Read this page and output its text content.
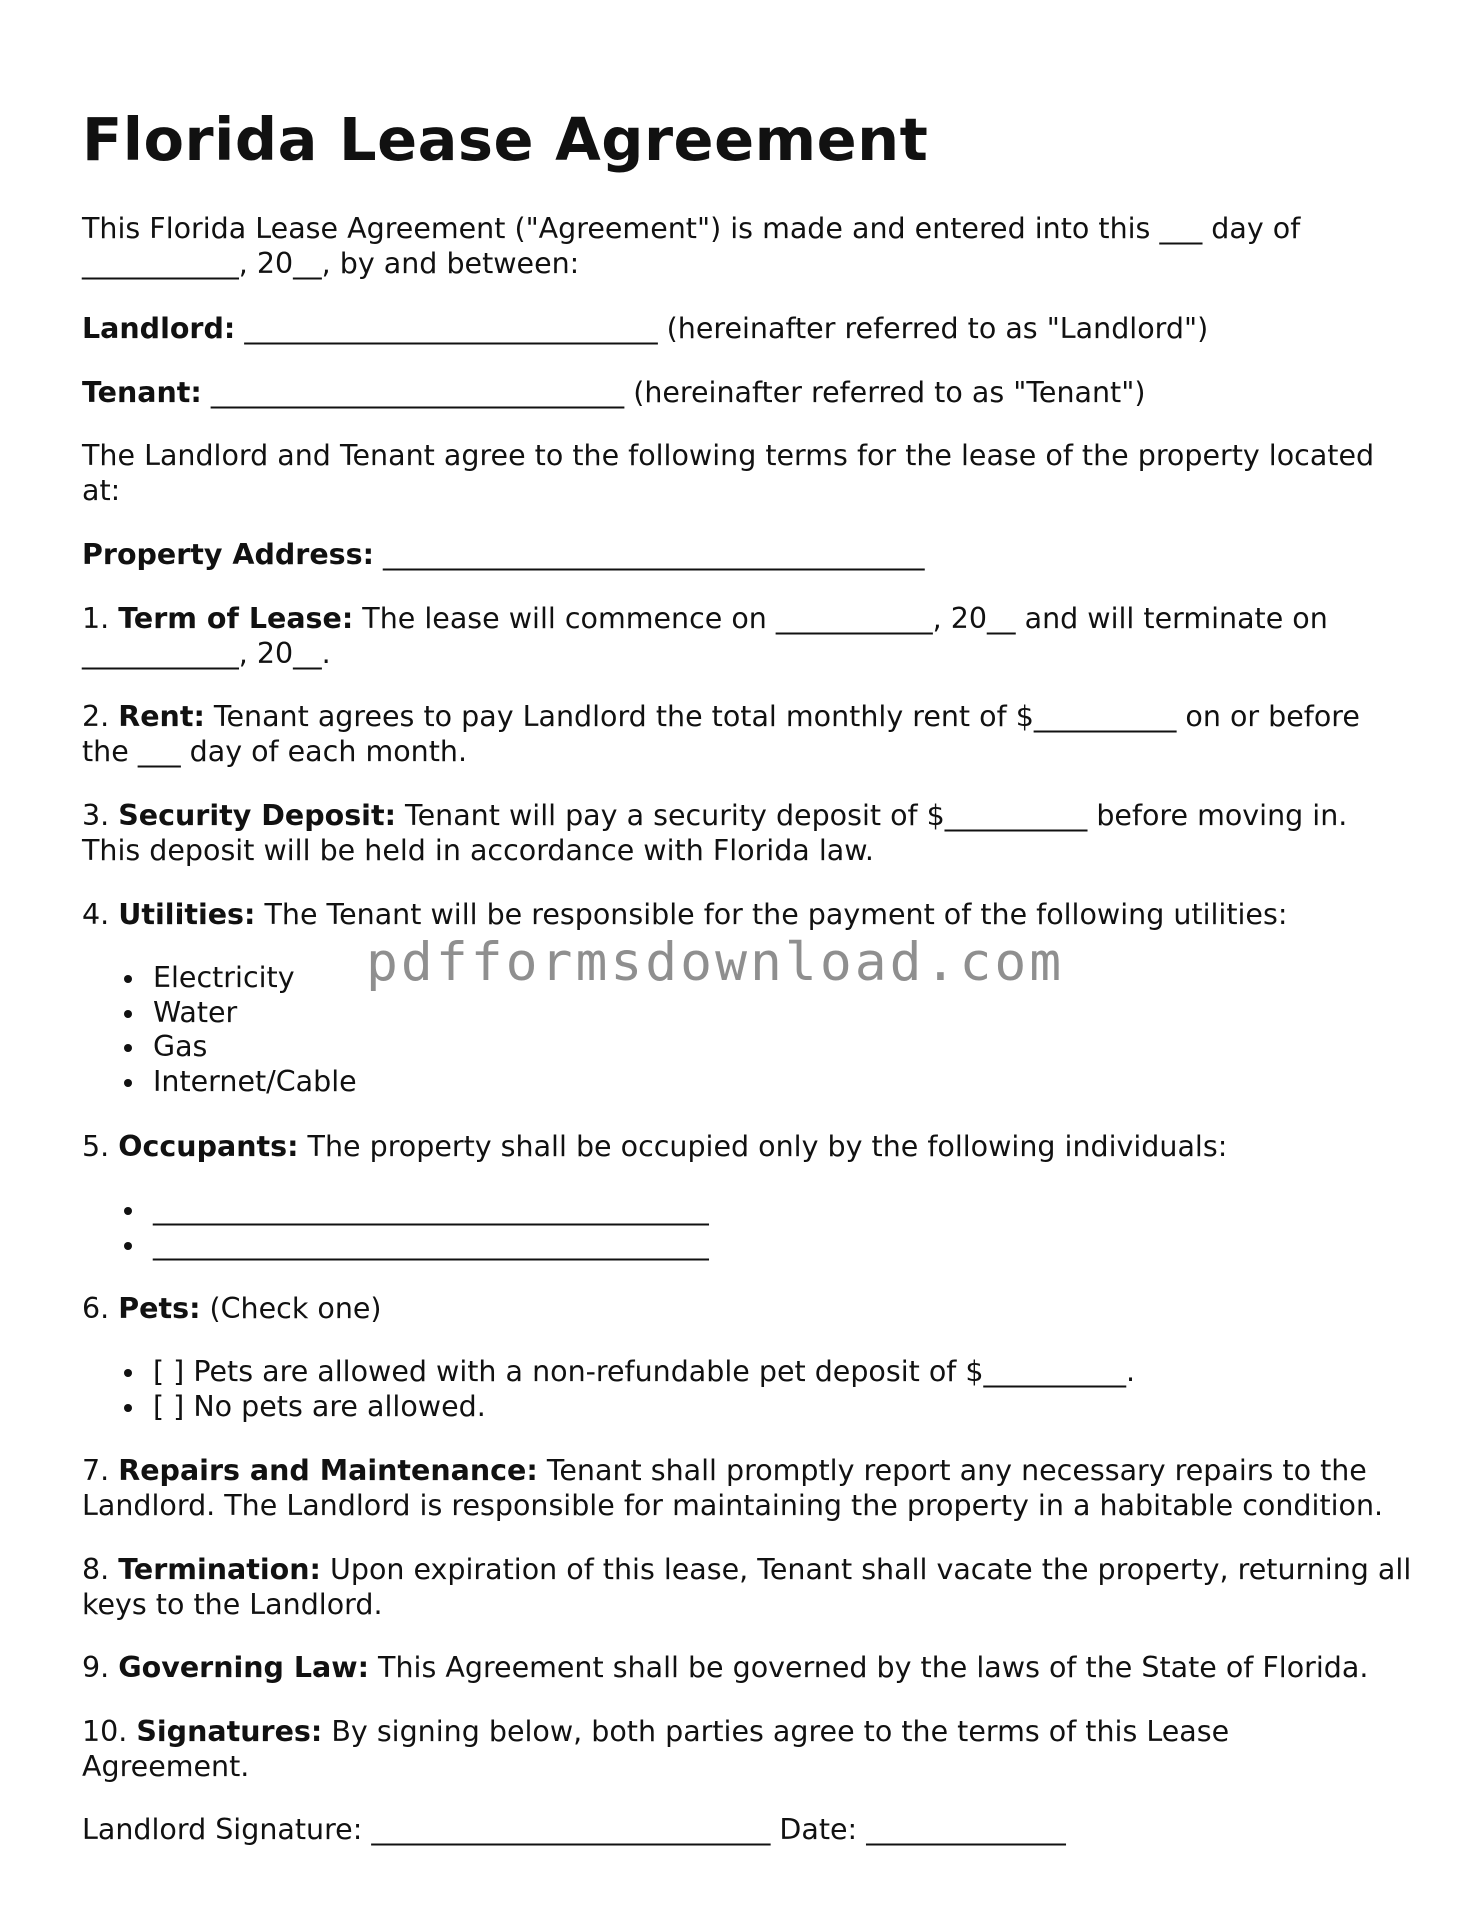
Florida Lease Agreement

This Florida Lease Agreement ("Agreement") is made and entered into this ___ day of ___________, 20__, by and between:

Landlord: _____________________________ (hereinafter referred to as "Landlord")

Tenant: _____________________________ (hereinafter referred to as "Tenant")

The Landlord and Tenant agree to the following terms for the lease of the property located at:

Property Address: ______________________________________

1. Term of Lease: The lease will commence on ___________, 20__ and will terminate on ___________, 20__.

2. Rent: Tenant agrees to pay Landlord the total monthly rent of $__________ on or before the ___ day of each month.

3. Security Deposit: Tenant will pay a security deposit of $__________ before moving in. This deposit will be held in accordance with Florida law.

4. Utilities: The Tenant will be responsible for the payment of the following utilities:

Electricity
Water
Gas
Internet/Cable

5. Occupants: The property shall be occupied only by the following individuals:

_______________________________________
_______________________________________

6. Pets: (Check one)

[ ] Pets are allowed with a non-refundable pet deposit of $__________.
[ ] No pets are allowed.

7. Repairs and Maintenance: Tenant shall promptly report any necessary repairs to the Landlord. The Landlord is responsible for maintaining the property in a habitable condition.

8. Termination: Upon expiration of this lease, Tenant shall vacate the property, returning all keys to the Landlord.

9. Governing Law: This Agreement shall be governed by the laws of the State of Florida.

10. Signatures: By signing below, both parties agree to the terms of this Lease Agreement.

Landlord Signature: ____________________________ Date: ______________

pdfformsdownload.com
